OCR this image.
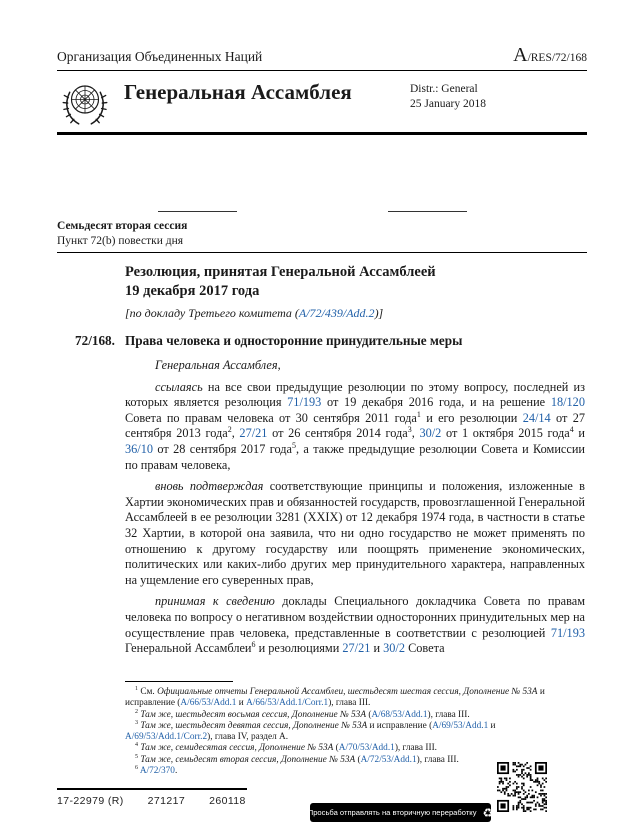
Организация Объединенных Наций	A/RES/72/168
Генеральная Ассамблея	Distr.: General
25 January 2018
Семьдесят вторая сессия
Пункт 72(b) повестки дня
Резолюция, принятая Генеральной Ассамблеей
19 декабря 2017 года
[по докладу Третьего комитета (A/72/439/Add.2)]
72/168. Права человека и односторонние принудительные меры

Генеральная Ассамблея,

ссылаясь на все свои предыдущие резолюции по этому вопросу, последней из которых является резолюция 71/193 от 19 декабря 2016 года, и на решение 18/120 Совета по правам человека от 30 сентября 2011 года$^1$ и его резолюции 24/14 от 27 сентября 2013 года$^2$, 27/21 от 26 сентября 2014 года$^3$, 30/2 от 1 октября 2015 года$^4$ и 36/10 от 28 сентября 2017 года$^5$, а также предыдущие резолюции Совета и Комиссии по правам человека,

вновь подтверждая соответствующие принципы и положения, изложенные в Хартии экономических прав и обязанностей государств, провозглашенной Генеральной Ассамблеей в ее резолюции 3281 (XXIX) от 12 декабря 1974 года, в частности в статье 32 Хартии, в которой она заявила, что ни одно государство не может применять по отношению к другому государству или поощрять применение экономических, политических или каких-либо других мер принудительного характера, направленных на ущемление его суверенных прав,

принимая к сведению доклады Специального докладчика Совета по правам человека по вопросу о негативном воздействии односторонних принудительных мер на осуществление прав человека, представленные в соответствии с резолюцией 71/193 Генеральной Ассамблеи$^6$ и резолюциями 27/21 и 30/2 Совета

$^1$ См. Официальные отчеты Генеральной Ассамблеи, шестьдесят шестая сессия, Дополнение № 53A и исправление (A/66/53/Add.1 и A/66/53/Add.1/Corr.1), глава III.

$^2$ Там же, шестьдесят восьмая сессия, Дополнение № 53A (A/68/53/Add.1), глава III.

$^3$ Там же, шестьдесят девятая сессия, Дополнение № 53A и исправление (A/69/53/Add.1 и A/69/53/Add.1/Corr.2), глава IV, раздел A.

$^4$ Там же, семидесятая сессия, Дополнение № 53A (A/70/53/Add.1), глава III.

$^5$ Там же, семьдесят вторая сессия, Дополнение № 53A (A/72/53/Add.1), глава III.

$^6$ A/72/370.

17-22979 (R) 271217 260118
Просьба отправлять на вторичную переработку ♻
